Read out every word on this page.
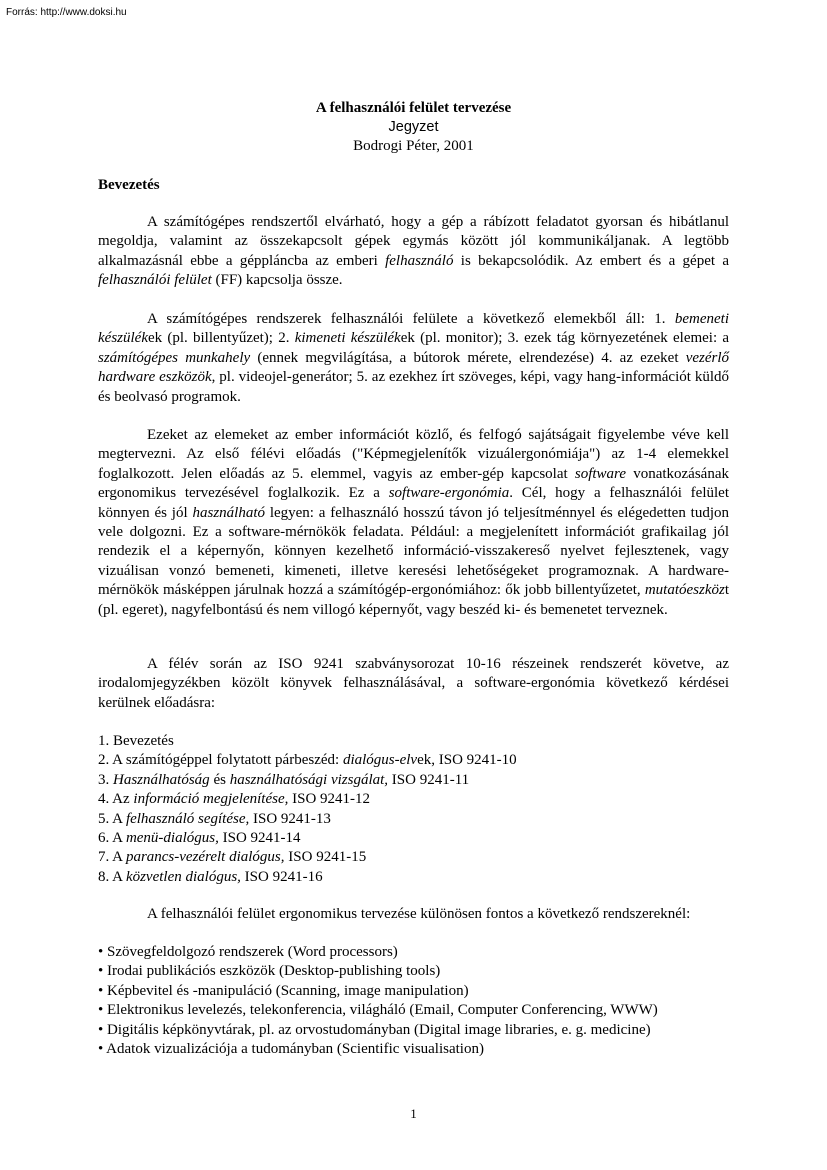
Forrás: http://www.doksi.hu
A felhasználói felület tervezése
Jegyzet
Bodrogi Péter, 2001
Bevezetés

A számítógépes rendszertől elvárható, hogy a gép a rábízott feladatot gyorsan és hibátlanul megoldja, valamint az összekapcsolt gépek egymás között jól kommunikáljanak. A legtöbb alkalmazásnál ebbe a géppláncba az emberi felhasználó is bekapcsolódik. Az embert és a gépet a felhasználói felület (FF) kapcsolja össze.

A számítógépes rendszerek felhasználói felülete a következő elemekből áll: 1. bemeneti készülékek (pl. billentyűzet); 2. kimeneti készülékek (pl. monitor); 3. ezek tág környezetének elemei: a számítógépes munkahely (ennek megvilágítása, a bútorok mérete, elrendezése) 4. az ezeket vezérlő hardware eszközök, pl. videojel-generátor; 5. az ezekhez írt szöveges, képi, vagy hang-információt küldő és beolvasó programok.

Ezeket az elemeket az ember információt közlő, és felfogó sajátságait figyelembe véve kell megtervezni. Az első félévi előadás ("Képmegjelenítők vizuálergonómiája") az 1-4 elemekkel foglalkozott. Jelen előadás az 5. elemmel, vagyis az ember-gép kapcsolat software vonatkozásának ergonomikus tervezésével foglalkozik. Ez a software-ergonómia. Cél, hogy a felhasználói felület könnyen és jól használható legyen: a felhasználó hosszú távon jó teljesítménnyel és elégedetten tudjon vele dolgozni. Ez a software-mérnökök feladata. Például: a megjelenített információt grafikailag jól rendezik el a képernyőn, könnyen kezelhető információ-visszakereső nyelvet fejlesztenek, vagy vizuálisan vonzó bemeneti, kimeneti, illetve keresési lehetőségeket programoznak. A hardware-mérnökök másképpen járulnak hozzá a számítógép-ergonómiához: ők jobb billentyűzetet, mutatóeszközt (pl. egeret), nagyfelbontású és nem villogó képernyőt, vagy beszéd ki- és bemenetet terveznek.

A félév során az ISO 9241 szabványsorozat 10-16 részeinek rendszerét követve, az irodalomjegyzékben közölt könyvek felhasználásával, a software-ergonómia következő kérdései kerülnek előadásra:

1. Bevezetés
2. A számítógéppel folytatott párbeszéd: dialógus-elvek, ISO 9241-10
3. Használhatóság és használhatósági vizsgálat, ISO 9241-11
4. Az információ megjelenítése, ISO 9241-12
5. A felhasználó segítése, ISO 9241-13
6. A menü-dialógus, ISO 9241-14
7. A parancs-vezérelt dialógus, ISO 9241-15
8. A közvetlen dialógus, ISO 9241-16

A felhasználói felület ergonomikus tervezése különösen fontos a következő rendszereknél:

• Szövegfeldolgozó rendszerek (Word processors)
• Irodai publikációs eszközök (Desktop-publishing tools)
• Képbevitel és -manipuláció (Scanning, image manipulation)
• Elektronikus levelezés, telekonferencia, világháló (Email, Computer Conferencing, WWW)
• Digitális képkönyvtárak, pl. az orvostudományban (Digital image libraries, e. g. medicine)
• Adatok vizualizációja a tudományban (Scientific visualisation)
1
